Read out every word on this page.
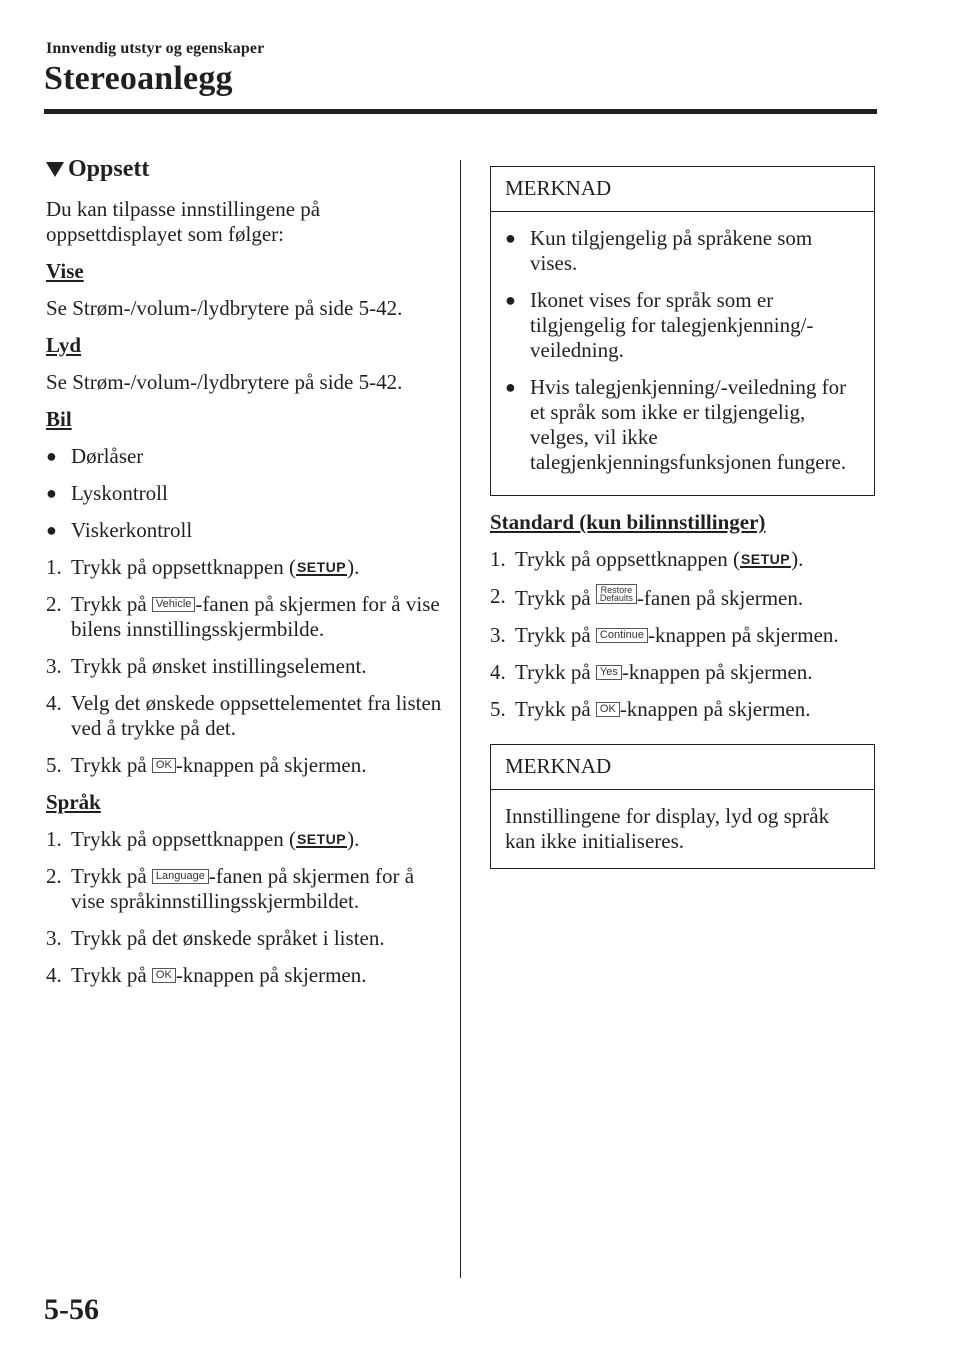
Innvendig utstyr og egenskaper
Stereoanlegg
Oppsett

Du kan tilpasse innstillingene på oppsettdisplayet som følger:

Vise

Se Strøm-/volum-/lydbrytere på side 5-42.

Lyd

Se Strøm-/volum-/lydbrytere på side 5-42.

Bil
● Dørlåser
● Lyskontroll
● Viskerkontroll
1. Trykk på oppsettknappen (SETUP).
2. Trykk på Vehicle -fanen på skjermen for å vise bilens innstillingsskjermbilde.
3. Trykk på ønsket instillingselement.
4. Velg det ønskede oppsettelementet fra listen ved å trykke på det.
5. Trykk på OK -knappen på skjermen.
Språk
1. Trykk på oppsettknappen (SETUP).
2. Trykk på Language -fanen på skjermen for å vise språkinnstillingsskjermbildet.
3. Trykk på det ønskede språket i listen.
4. Trykk på OK -knappen på skjermen.
MERKNAD
● Kun tilgjengelig på språkene som vises.
● Ikonet vises for språk som er tilgjengelig for talegjenkjenning/-veiledning.
● Hvis talegjenkjenning/-veiledning for et språk som ikke er tilgjengelig, velges, vil ikke talegjenkjenningsfunksjonen fungere.
Standard (kun bilinnstillinger)
1. Trykk på oppsettknappen (SETUP).
2. Trykk på Restore
Defaults -fanen på skjermen.
3. Trykk på Continue -knappen på skjermen.
4. Trykk på Yes -knappen på skjermen.
5. Trykk på OK -knappen på skjermen.
MERKNAD

Innstillingene for display, lyd og språk kan ikke initialiseres.

5-56
